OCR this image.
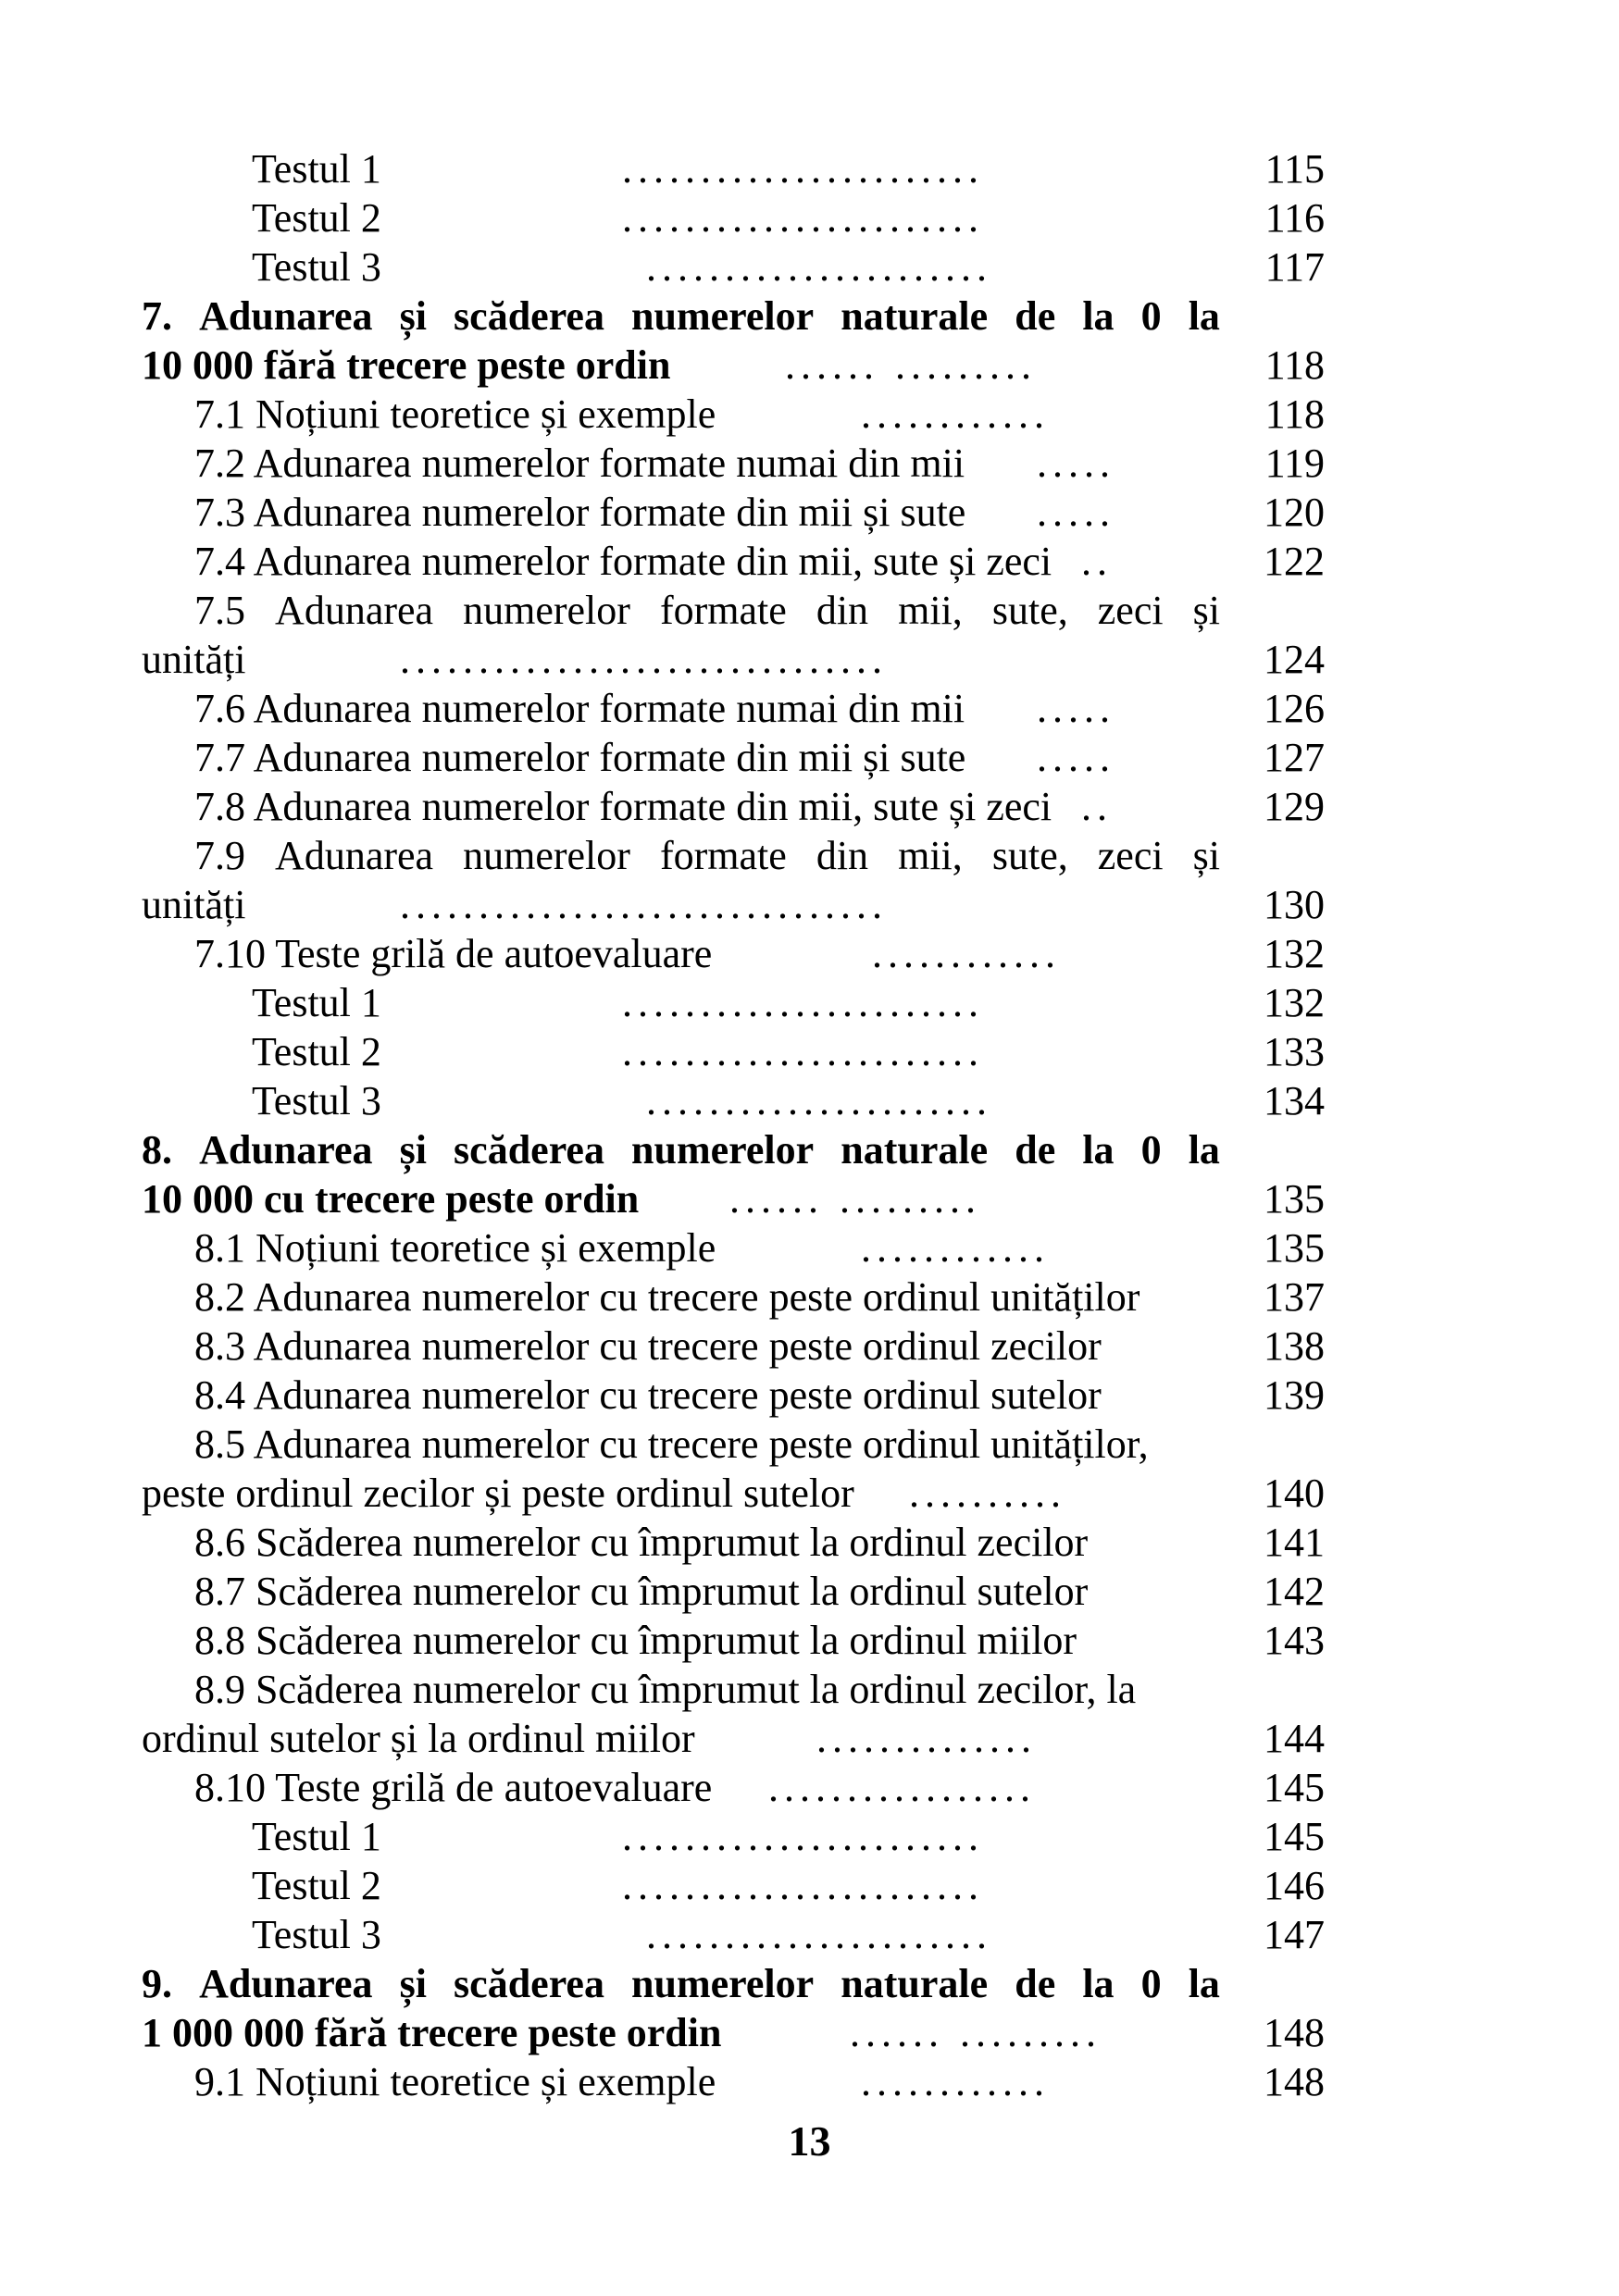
Testul 1	.......................	115
Testul 2	.......................	116
Testul 3	......................	117
7. Adunarea și scăderea numerelor naturale de la 0 la
10 000 fără trecere peste ordin	...... .........	118
7.1 Noțiuni teoretice și exemple	............	118
7.2 Adunarea numerelor formate numai din mii .....	119
7.3 Adunarea numerelor formate din mii și sute .....	120
7.4 Adunarea numerelor formate din mii, sute și zeci ..	122
7.5 Adunarea numerelor formate din mii, sute, zeci și
unități	...............................	124
7.6 Adunarea numerelor formate numai din mii .....	126
7.7 Adunarea numerelor formate din mii și sute .....	127
7.8 Adunarea numerelor formate din mii, sute și zeci ..	129
7.9 Adunarea numerelor formate din mii, sute, zeci și
unități	...............................	130
7.10 Teste grilă de autoevaluare	............	132
Testul 1	.......................	132
Testul 2	.......................	133
Testul 3	......................	134
8. Adunarea și scăderea numerelor naturale de la 0 la
10 000 cu trecere peste ordin ...... .........	135
8.1 Noțiuni teoretice și exemple	............	135
8.2 Adunarea numerelor cu trecere peste ordinul unităților	137
8.3 Adunarea numerelor cu trecere peste ordinul zecilor	138
8.4 Adunarea numerelor cu trecere peste ordinul sutelor	139
8.5 Adunarea numerelor cu trecere peste ordinul unităților,
peste ordinul zecilor și peste ordinul sutelor ..........	140
8.6 Scăderea numerelor cu împrumut la ordinul zecilor	141
8.7 Scăderea numerelor cu împrumut la ordinul sutelor	142
8.8 Scăderea numerelor cu împrumut la ordinul miilor	143
8.9 Scăderea numerelor cu împrumut la ordinul zecilor, la
ordinul sutelor și la ordinul miilor	..............	144
8.10 Teste grilă de autoevaluare .................	145
Testul 1	.......................	145
Testul 2	.......................	146
Testul 3	......................	147
9. Adunarea și scăderea numerelor naturale de la 0 la
1 000 000 fără trecere peste ordin	...... .........	148
9.1 Noțiuni teoretice și exemple	............	148
13
